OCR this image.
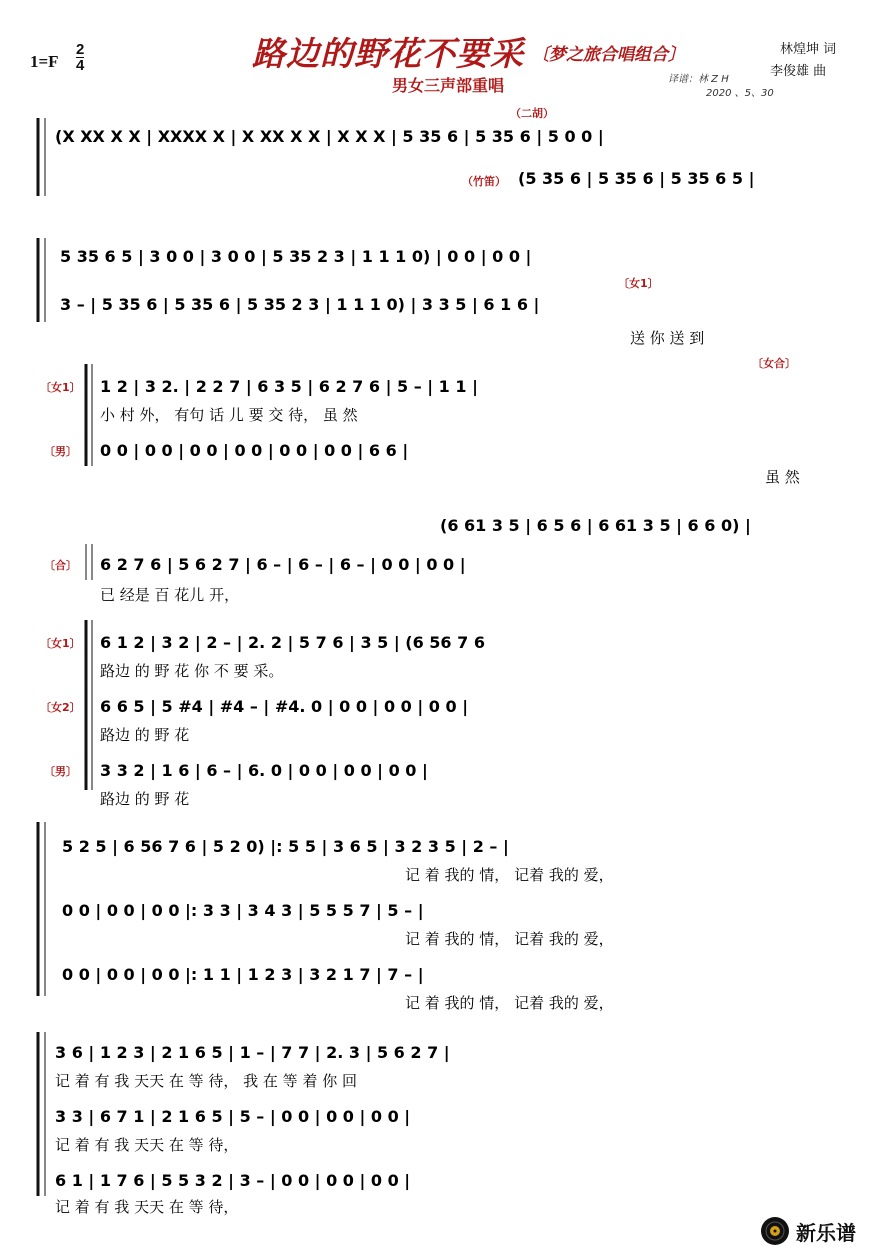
1=F
2
4	路边的野花不要采 〔梦之旅合唱组合〕
男女三声部重唱
林煌坤 词
李俊雄 曲
译谱：林 Z H
2020 、5、30
(X XX X X | XXXX X | X XX X X | X X X | 5 35 6 | 5 35 6 | 5 0 0 |
（二胡）
（竹笛） (5 35 6 | 5 35 6 | 5 35 6 5 |
5 35 6 5 | 3 0 0 | 3 0 0 | 5 35 2 3 | 1 1 1 0) | 0 0 | 0 0 |
3 – | 5 35 6 | 5 35 6 | 5 35 2 3 | 1 1 1 0) | 3 3 5 | 6 1 6 |
〔女1〕
送 你 送 到
〔女1〕
〔男〕
〔女合〕
1 2 | 3 2. | 2 2 7 | 6 3 5 | 6 2 7 6 | 5 – | 1 1 |
小 村 外， 有句 话 儿 要 交 待， 虽 然
0 0 | 0 0 | 0 0 | 0 0 | 0 0 | 0 0 | 6 6 |
虽 然
(6 61 3 5 | 6 5 6 | 6 61 3 5 | 6 6 0) |
〔合〕 6 2 7 6 | 5 6 2 7 | 6 – | 6 – | 6 – | 0 0 | 0 0 |
已 经是 百 花儿 开，
〔女1〕
〔女2〕
〔男〕
6 1 2 | 3 2 | 2 – | 2. 2 | 5 7 6 | 3 5 | (6 56 7 6
路边 的 野 花 你 不 要 采。
6 6 5 | 5 #4 | #4 – | #4. 0 | 0 0 | 0 0 | 0 0 |
路边 的 野 花
3 3 2 | 1 6 | 6 – | 6. 0 | 0 0 | 0 0 | 0 0 |
路边 的 野 花
5 2 5 | 6 56 7 6 | 5 2 0) |: 5 5 | 3 6 5 | 3 2 3 5 | 2 – |
记 着 我的 情， 记着 我的 爱，
0 0 | 0 0 | 0 0 |: 3 3 | 3 4 3 | 5 5 5 7 | 5 – |
记 着 我的 情， 记着 我的 爱，
0 0 | 0 0 | 0 0 |: 1 1 | 1 2 3 | 3 2 1 7 | 7 – |
记 着 我的 情， 记着 我的 爱，
3 6 | 1 2 3 | 2 1 6 5 | 1 – | 7 7 | 2. 3 | 5 6 2 7 |
记 着 有 我 天天 在 等 待， 我 在 等 着 你 回
3 3 | 6 7 1 | 2 1 6 5 | 5 – | 0 0 | 0 0 | 0 0 |
记 着 有 我 天天 在 等 待，
6 1 | 1 7 6 | 5 5 3 2 | 3 – | 0 0 | 0 0 | 0 0 |
记 着 有 我 天天 在 等 待，
新乐谱
